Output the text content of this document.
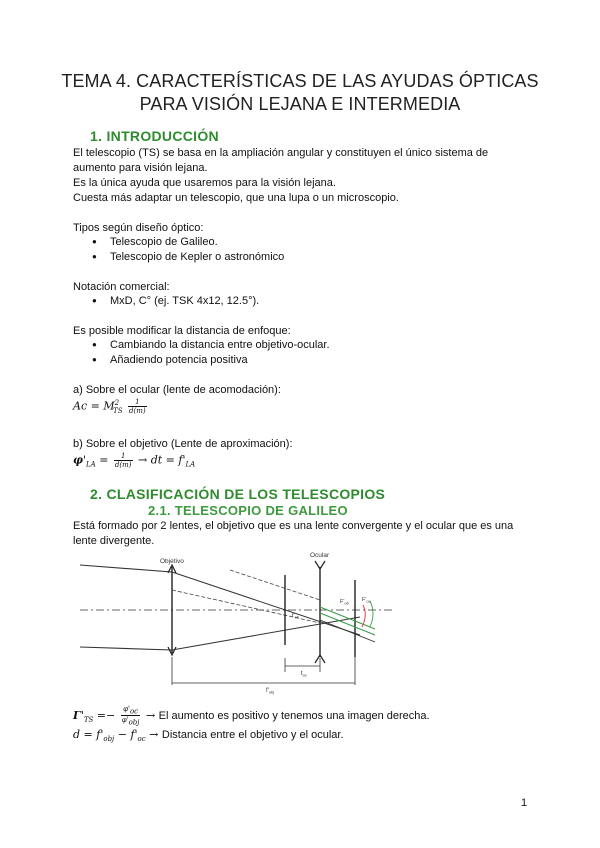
TEMA 4. CARACTERÍSTICAS DE LAS AYUDAS ÓPTICAS
PARA VISIÓN LEJANA E INTERMEDIA
1. INTRODUCCIÓN
El telescopio (TS) se basa en la ampliación angular y constituyen el único sistema de
aumento para visión lejana.
Es la única ayuda que usaremos para la visión lejana.
Cuesta más adaptar un telescopio, que una lupa o un microscopio.
Tipos según diseño óptico:
● Telescopio de Galileo.
● Telescopio de Kepler o astronómico
Notación comercial:
● MxD, C° (ej. TSK 4x12, 12.5°).
Es posible modificar la distancia de enfoque:
● Cambiando la distancia entre objetivo-ocular.
● Añadiendo potencia positiva
a) Sobre el ocular (lente de acomodación):
$Ac = M^2_{TS} \frac{1}{d(m)}$
b) Sobre el objetivo (Lente de aproximación):
$\varphi'_{LA} = \frac{1}{d(m)}$ → dt = $f'_{LA}$
2. CLASIFICACIÓN DE LOS TELESCOPIOS
2.1. TELESCOPIO DE GALILEO
Está formado por 2 lentes, el objetivo que es una lente convergente y el ocular que es una
lente divergente.
Objetivo
Ocular
$F'_{ob}$ $F'_{oc}$
$f'_{ob}$
$t_{oc}$
$f'_{obj}$
$\Gamma'_{TS} =- \frac{\varphi'_{oc}}{\varphi'_{obj}} \to El$ aumento es positivo y tenemos una imagen derecha.
$d = f'_{obj} - f'_{oc}$ → Distancia entre el objetivo y el ocular.
1
